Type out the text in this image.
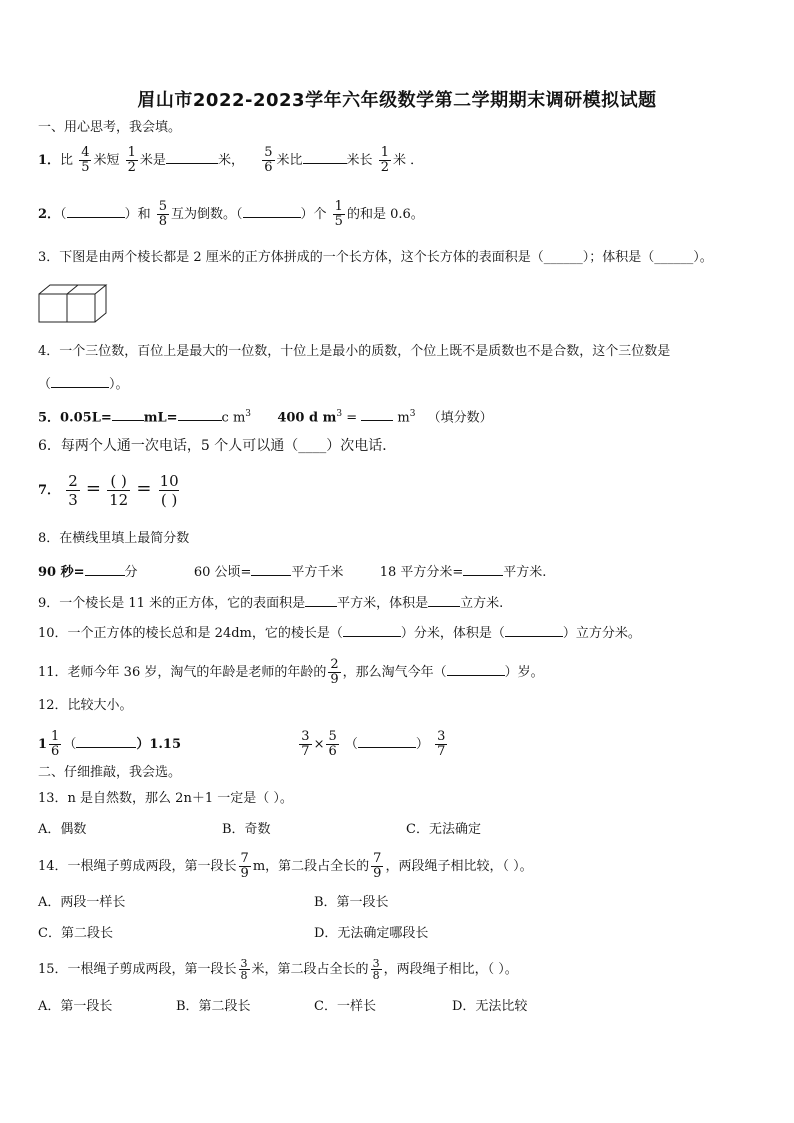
眉山市2022-2023学年六年级数学第二学期期末调研模拟试题
一、用心思考，我会填。
1．比 $\frac{4}{5}$ 米短 $\frac{1}{2}$ 米是	米， $\frac{5}{6}$ 米比	米长 $\frac{1}{2}$ 米 ．
2．（	）和 $\frac{5}{8}$ 互为倒数。（	）个 $\frac{1}{5}$ 的和是 0.6。
3．下图是由两个棱长都是 2 厘米的正方体拼成的一个长方体，这个长方体的表面积是（______）；体积是（______）。
4．一个三位数，百位上是最大的一位数，十位上是最小的质数，个位上既不是质数也不是合数，这个三位数是
（	）。
5．0.05L= mL=	c $m^3$ 400 d $m^3 = m^3$ （填分数）
6．每两个人通一次电话，5 个人可以通（____）次电话．
7． $\frac{2}{3} = \frac{( )}{12} = \frac{10}{( )}$
8．在横线里填上最简分数
90 秒=	分	60 公顷=	平方千米	18 平方分米=	平方米.
9．一个棱长是 11 米的正方体，它的表面积是 平方米，体积是 立方米.
10．一个正方体的棱长总和是 24dm，它的棱长是（	）分米，体积是（	）立方分米。
11．老师今年 36 岁，淘气的年龄是老师的年龄的 $\frac{2}{9}$ ，那么淘气今年（	）岁。
12．比较大小。
$1 \frac{1}{6}$ （	）1.15	$\frac{3}{7} \times \frac{5}{6}$ （	） $\frac{3}{7}$
二、仔细推敲，我会选。
13．n 是自然数，那么 2n＋1 一定是（ ）。
A．偶数	B．奇数	C．无法确定
14．一根绳子剪成两段，第一段长 $\frac{7}{9}$ m，第二段占全长的 $\frac{7}{9}$ ，两段绳子相比较，（ ）。
A．两段一样长	B．第一段长
C．第二段长	D．无法确定哪段长
15．一根绳子剪成两段，第一段长 $\frac{3}{8}$ 米，第二段占全长的 $\frac{3}{8}$ ，两段绳子相比，（ ）。
A．第一段长	B．第二段长	C．一样长	D．无法比较
